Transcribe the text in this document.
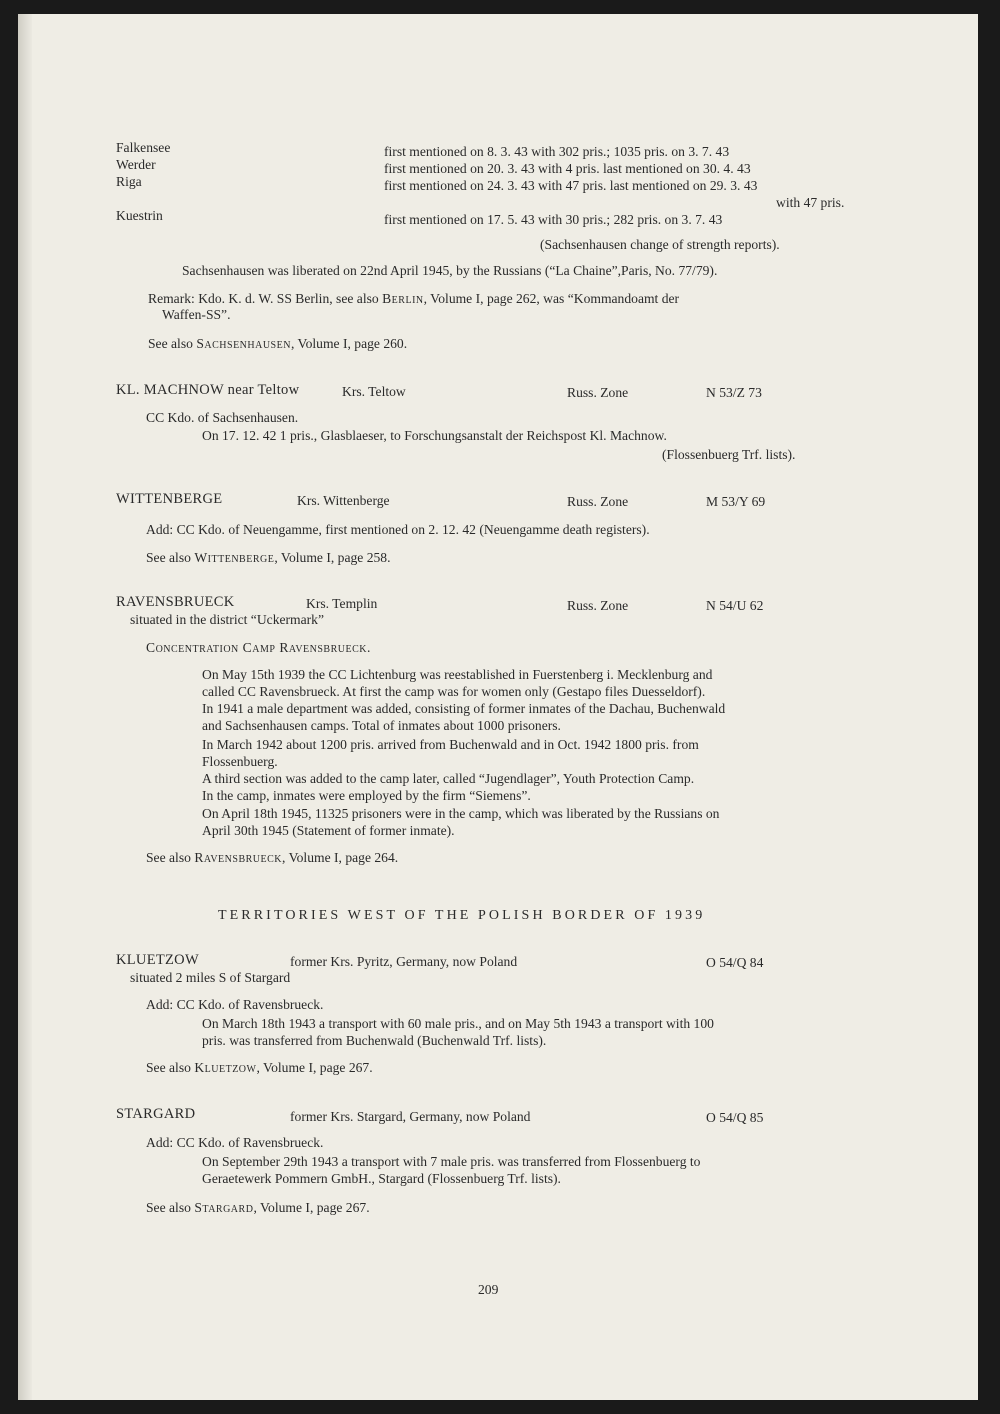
Falkensee	first mentioned on 8. 3. 43 with 302 pris.; 1035 pris. on 3. 7. 43
Werder	first mentioned on 20. 3. 43 with 4 pris. last mentioned on 30. 4. 43
Riga	first mentioned on 24. 3. 43 with 47 pris. last mentioned on 29. 3. 43
with 47 pris.
Kuestrin	first mentioned on 17. 5. 43 with 30 pris.; 282 pris. on 3. 7. 43
(Sachsenhausen change of strength reports).
Sachsenhausen was liberated on 22nd April 1945, by the Russians (“La Chaine”,Paris, No. 77/79).
Remark: Kdo. K. d. W. SS Berlin, see also Berlin, Volume I, page 262, was “Kommandoamt der
Waffen-SS”.
See also Sachsenhausen, Volume I, page 260.
KL. MACHNOW near Teltow	Krs. Teltow	Russ. Zone	N 53/Z 73
CC Kdo. of Sachsenhausen.
On 17. 12. 42 1 pris., Glasblaeser, to Forschungsanstalt der Reichspost Kl. Machnow.
(Flossenbuerg Trf. lists).
WITTENBERGE	Krs. Wittenberge	Russ. Zone	M 53/Y 69
Add: CC Kdo. of Neuengamme, first mentioned on 2. 12. 42 (Neuengamme death registers).
See also Wittenberge, Volume I, page 258.
RAVENSBRUECK	Krs. Templin	Russ. Zone	N 54/U 62
situated in the district “Uckermark”
Concentration Camp Ravensbrueck.
On May 15th 1939 the CC Lichtenburg was reestablished in Fuerstenberg i. Mecklenburg and
called CC Ravensbrueck. At first the camp was for women only (Gestapo files Duesseldorf).
In 1941 a male department was added, consisting of former inmates of the Dachau, Buchenwald
and Sachsenhausen camps. Total of inmates about 1000 prisoners.
In March 1942 about 1200 pris. arrived from Buchenwald and in Oct. 1942 1800 pris. from
Flossenbuerg.
A third section was added to the camp later, called “Jugendlager”, Youth Protection Camp.
In the camp, inmates were employed by the firm “Siemens”.
On April 18th 1945, 11325 prisoners were in the camp, which was liberated by the Russians on
April 30th 1945 (Statement of former inmate).
See also Ravensbrueck, Volume I, page 264.
TERRITORIES WEST OF THE POLISH BORDER OF 1939
KLUETZOW	former Krs. Pyritz, Germany, now Poland	O 54/Q 84
situated 2 miles S of Stargard
Add: CC Kdo. of Ravensbrueck.
On March 18th 1943 a transport with 60 male pris., and on May 5th 1943 a transport with 100
pris. was transferred from Buchenwald (Buchenwald Trf. lists).
See also Kluetzow, Volume I, page 267.
STARGARD	former Krs. Stargard, Germany, now Poland	O 54/Q 85
Add: CC Kdo. of Ravensbrueck.
On September 29th 1943 a transport with 7 male pris. was transferred from Flossenbuerg to
Geraetewerk Pommern GmbH., Stargard (Flossenbuerg Trf. lists).
See also Stargard, Volume I, page 267.
209
